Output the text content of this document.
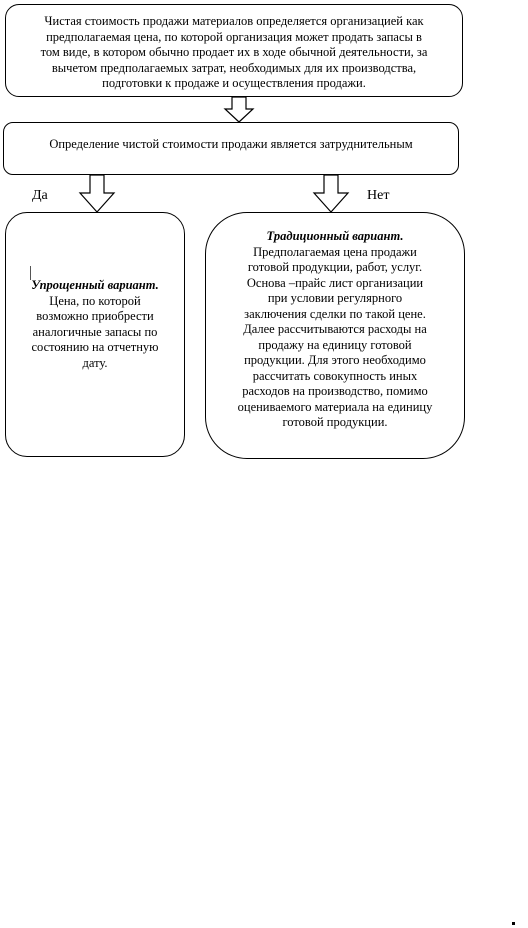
Чистая стоимость продажи материалов определяется организацией как
предполагаемая цена, по которой организация может продать запасы в
том виде, в котором обычно продает их в ходе обычной деятельности, за
вычетом предполагаемых затрат, необходимых для их производства,
подготовки к продаже и осуществления продажи.
Определение чистой стоимости продажи является затруднительным
Да	Нет
Упрощенный вариант.
Цена, по которой
возможно приобрести
аналогичные запасы по
состоянию на отчетную
дату.
Традиционный вариант.
Предполагаемая цена продажи
готовой продукции, работ, услуг.
Основа –прайс лист организации
при условии регулярного
заключения сделки по такой цене.
Далее рассчитываются расходы на
продажу на единицу готовой
продукции. Для этого необходимо
рассчитать совокупность иных
расходов на производство, помимо
оцениваемого материала на единицу
готовой продукции.
